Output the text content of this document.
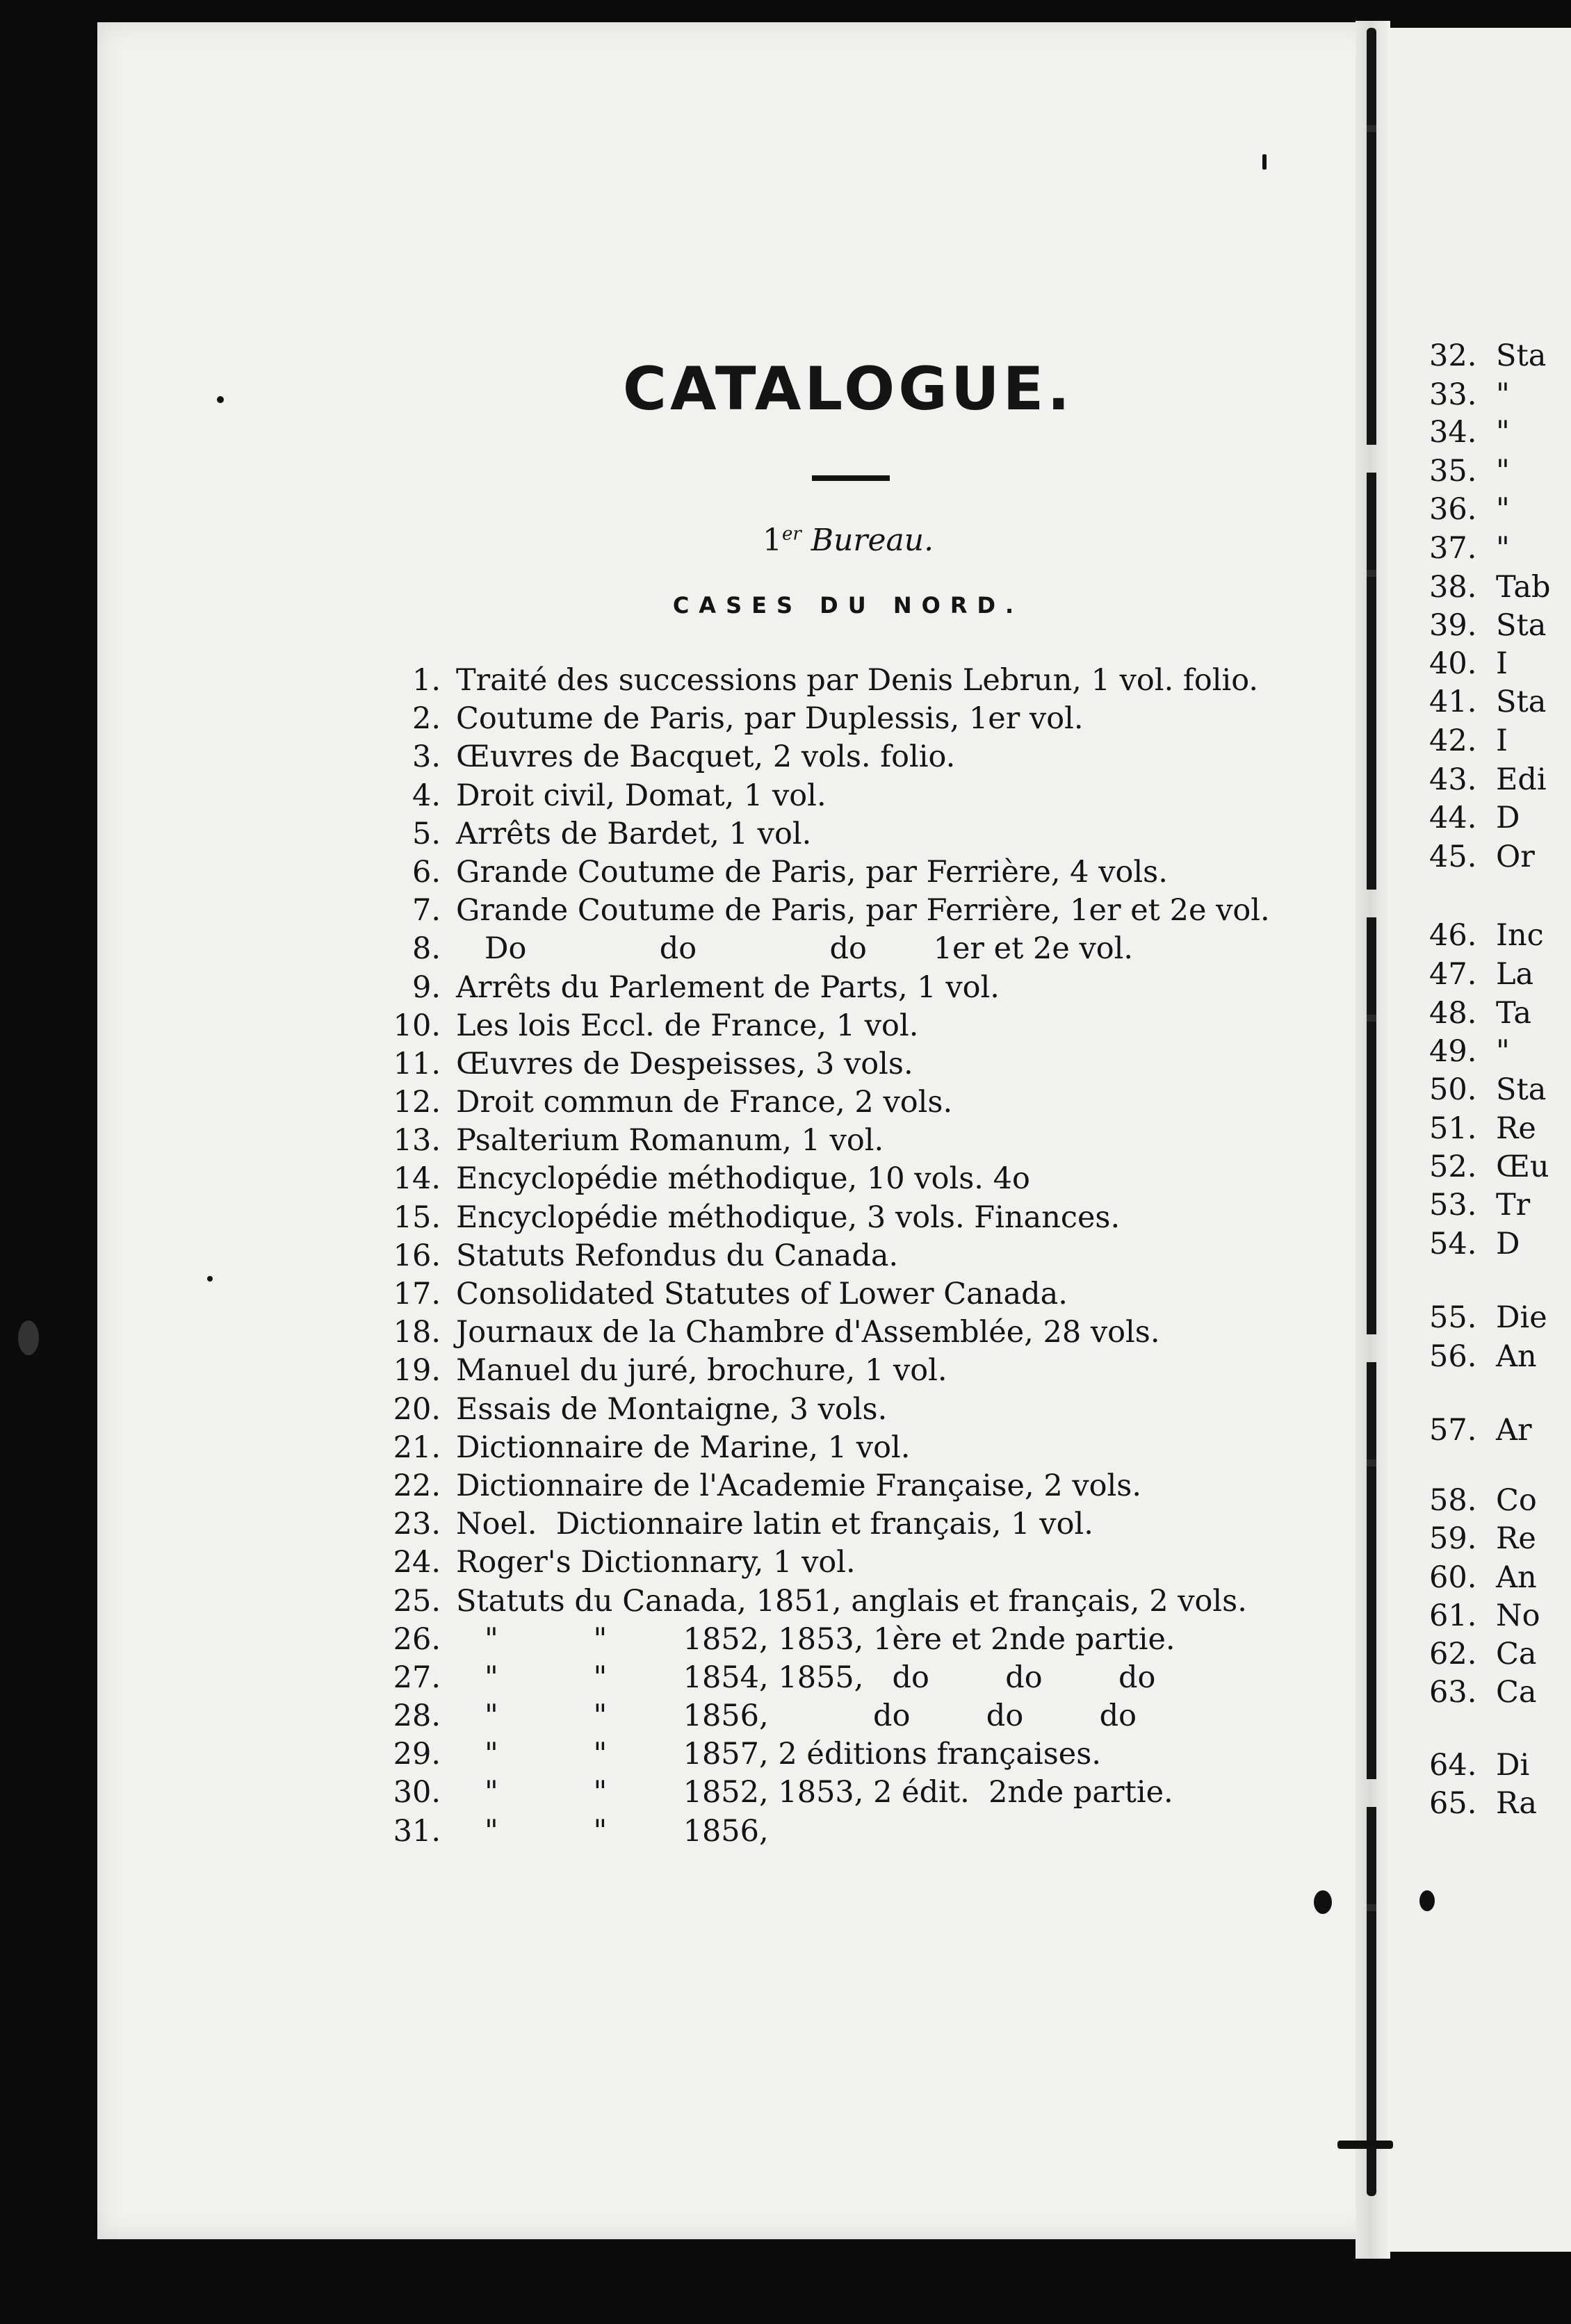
CATALOGUE.
1er Bureau.
CASES DU NORD.
1. Traité des successions par Denis Lebrun, 1 vol. folio.
2. Coutume de Paris, par Duplessis, 1er vol.
3. Œuvres de Bacquet, 2 vols. folio.
4. Droit civil, Domat, 1 vol.
5. Arrêts de Bardet, 1 vol.
6. Grande Coutume de Paris, par Ferrière, 4 vols.
7. Grande Coutume de Paris, par Ferrière, 1er et 2e vol.
8. Do              do              do       1er et 2e vol.
9. Arrêts du Parlement de Parts, 1 vol.
10. Les lois Eccl. de France, 1 vol.
11. Œuvres de Despeisses, 3 vols.
12. Droit commun de France, 2 vols.
13. Psalterium Romanum, 1 vol.
14. Encyclopédie méthodique, 10 vols. 4o
15. Encyclopédie méthodique, 3 vols. Finances.
16. Statuts Refondus du Canada.
17. Consolidated Statutes of Lower Canada.
18. Journaux de la Chambre d'Assemblée, 28 vols.
19. Manuel du juré, brochure, 1 vol.
20. Essais de Montaigne, 3 vols.
21. Dictionnaire de Marine, 1 vol.
22. Dictionnaire de l'Academie Française, 2 vols.
23. Noel.  Dictionnaire latin et français, 1 vol.
24. Roger's Dictionnary, 1 vol.
25. Statuts du Canada, 1851, anglais et français, 2 vols.
26. "          "        1852, 1853, 1ère et 2nde partie.
27. "          "        1854, 1855,   do        do        do
28. "          "        1856,           do        do        do
29. "          "        1857, 2 éditions françaises.
30. "          "        1852, 1853, 2 édit.  2nde partie.
31. "          "        1856,
32. Sta
33. "
34. "
35. "
36. "
37. "
38. Tab
39. Sta
40. I
41. Sta
42. I
43. Edi
44. D
45. Or
46. Inc
47. La
48. Ta
49. "
50. Sta
51. Re
52. Œu
53. Tr
54. D
55. Die
56. An
57. Ar
58. Co
59. Re
60. An
61. No
62. Ca
63. Ca
64. Di
65. Ra
